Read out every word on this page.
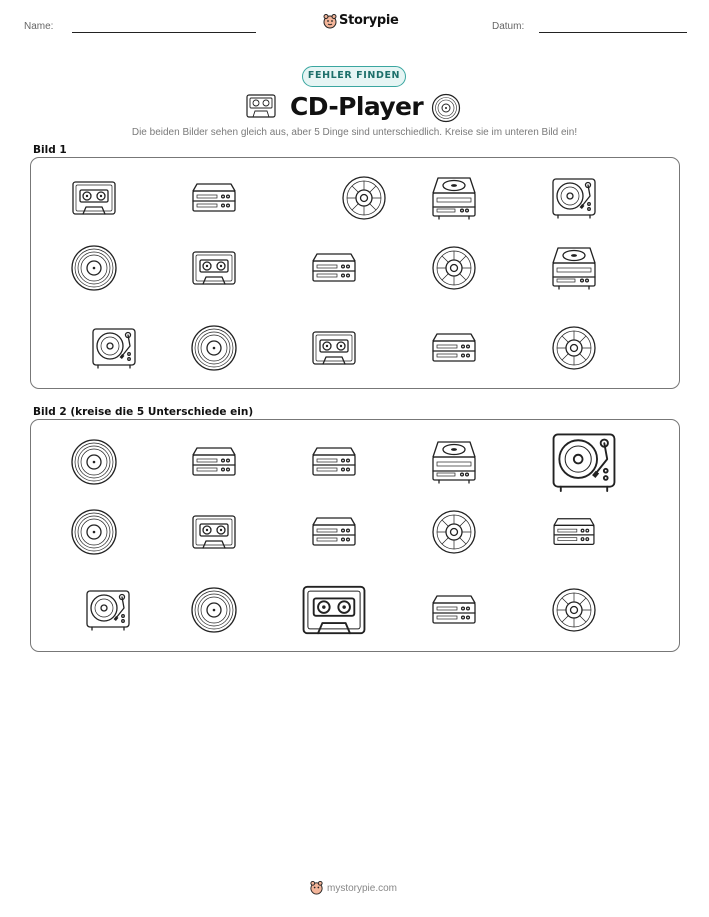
Name:	Storypie	Datum:
FEHLER FINDEN
CD-Player
Die beiden Bilder sehen gleich aus, aber 5 Dinge sind unterschiedlich. Kreise sie im unteren Bild ein!
Bild 1
Bild 2 (kreise die 5 Unterschiede ein)
mystorypie.com
